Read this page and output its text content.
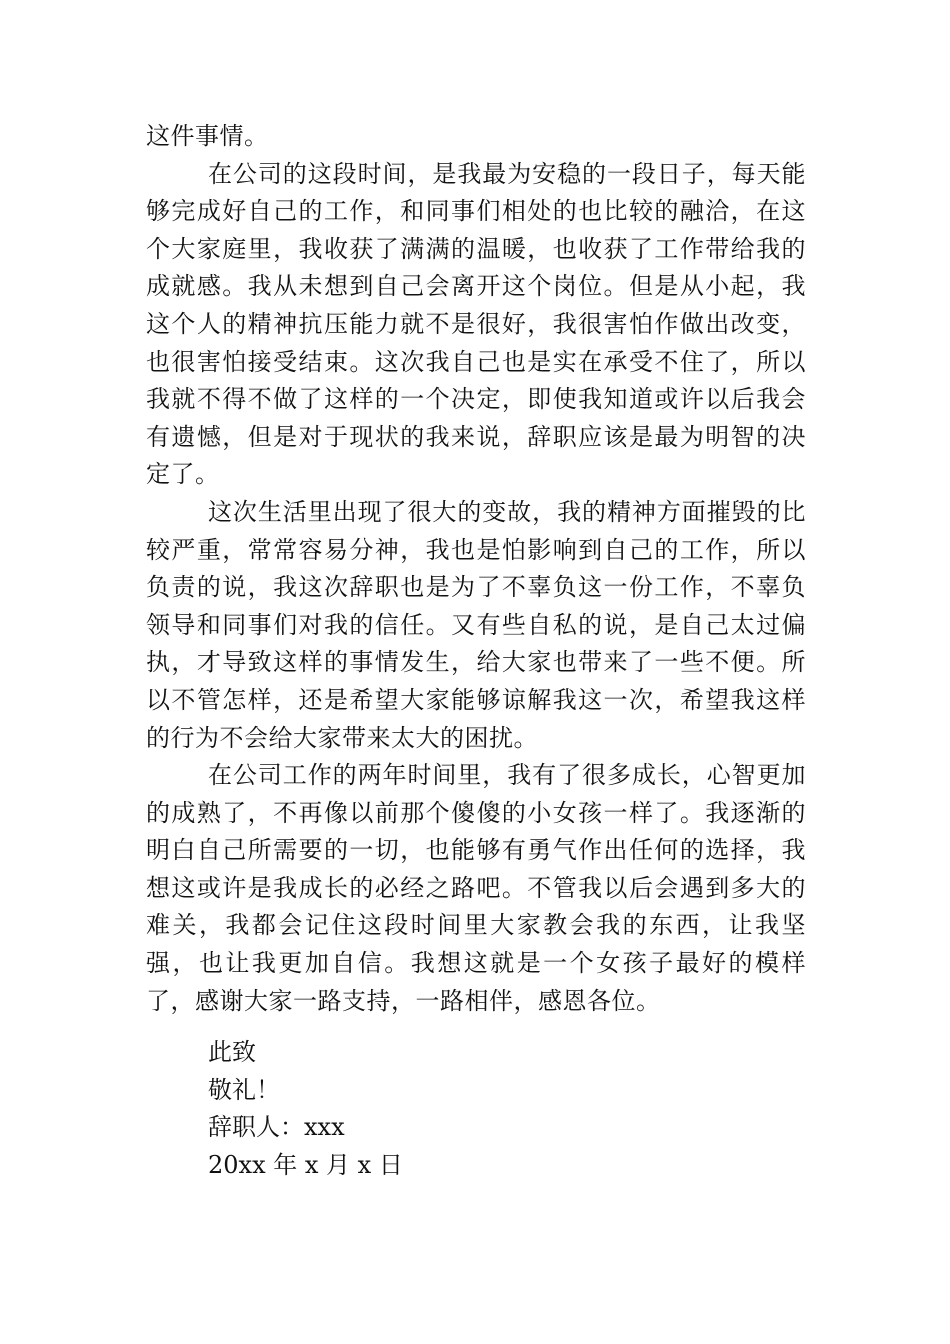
这件事情。

在公司的这段时间，是我最为安稳的一段日子，每天能够完成好自己的工作，和同事们相处的也比较的融洽，在这个大家庭里，我收获了满满的温暖，也收获了工作带给我的成就感。我从未想到自己会离开这个岗位。但是从小起，我这个人的精神抗压能力就不是很好，我很害怕作做出改变，也很害怕接受结束。这次我自己也是实在承受不住了，所以我就不得不做了这样的一个决定，即使我知道或许以后我会有遗憾，但是对于现状的我来说，辞职应该是最为明智的决定了。

这次生活里出现了很大的变故，我的精神方面摧毁的比较严重，常常容易分神，我也是怕影响到自己的工作，所以负责的说，我这次辞职也是为了不辜负这一份工作，不辜负领导和同事们对我的信任。又有些自私的说，是自己太过偏执，才导致这样的事情发生，给大家也带来了一些不便。所以不管怎样，还是希望大家能够谅解我这一次，希望我这样的行为不会给大家带来太大的困扰。

在公司工作的两年时间里，我有了很多成长，心智更加的成熟了，不再像以前那个傻傻的小女孩一样了。我逐渐的明白自己所需要的一切，也能够有勇气作出任何的选择，我想这或许是我成长的必经之路吧。不管我以后会遇到多大的难关，我都会记住这段时间里大家教会我的东西，让我坚强，也让我更加自信。我想这就是一个女孩子最好的模样了，感谢大家一路支持，一路相伴，感恩各位。

此致
敬礼！
辞职人：xxx
20xx 年 x 月 x 日
